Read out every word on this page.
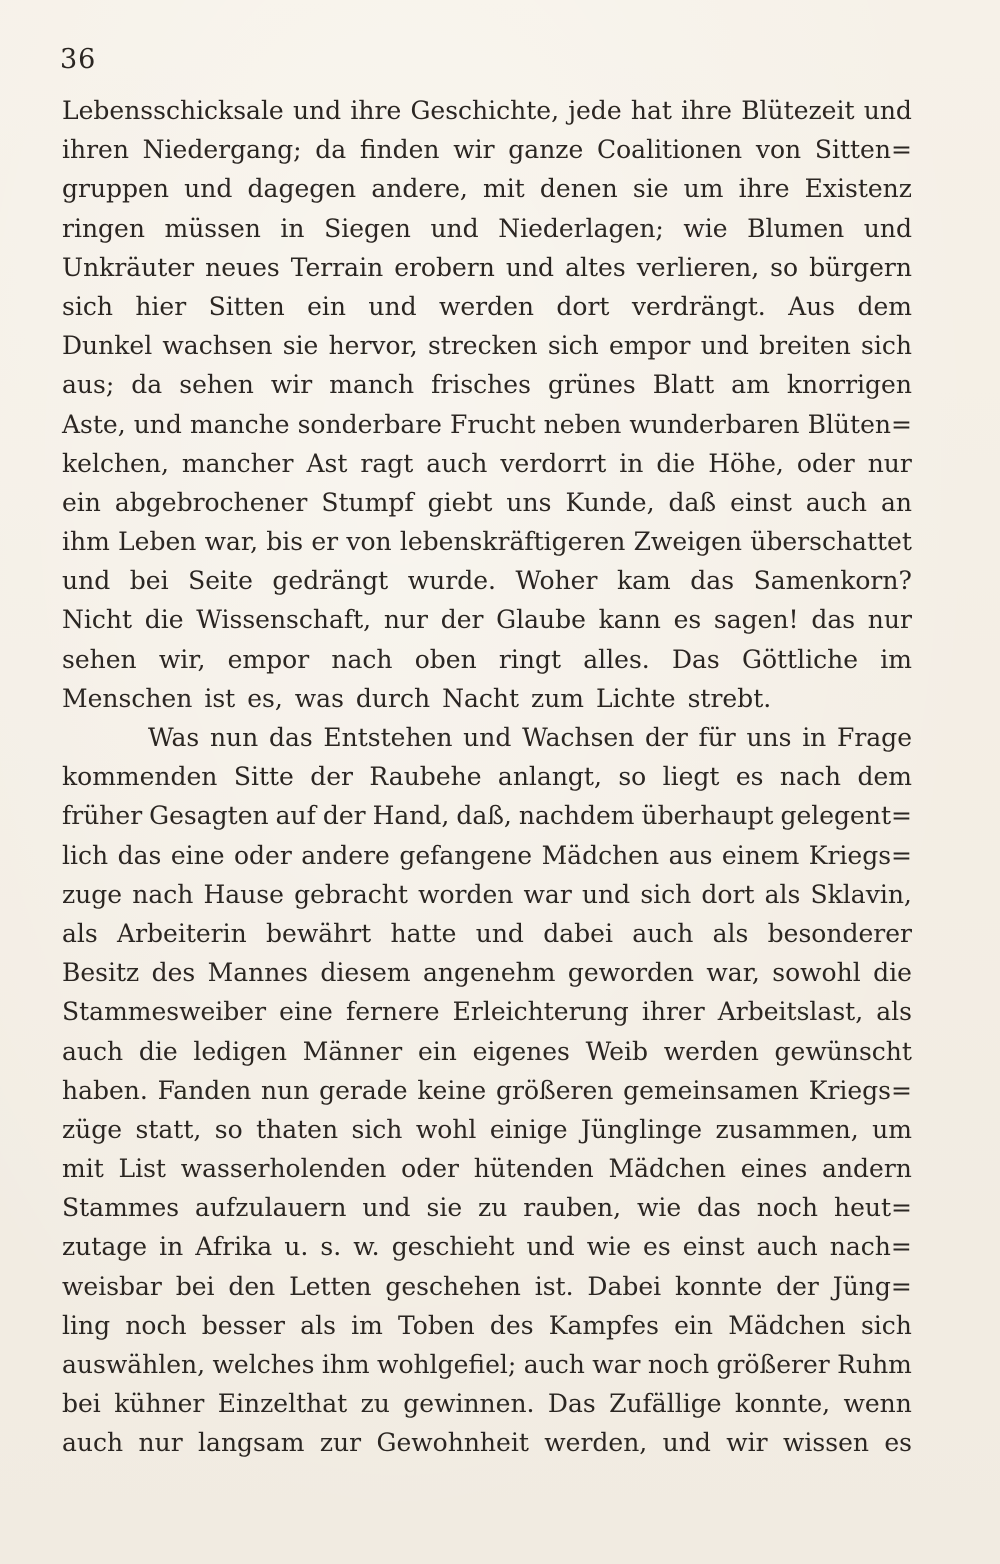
36
Lebensschicksale und ihre Geschichte, jede hat ihre Blütezeit und
ihren Niedergang; da finden wir ganze Coalitionen von Sitten=
gruppen und dagegen andere, mit denen sie um ihre Existenz
ringen müssen in Siegen und Niederlagen; wie Blumen und
Unkräuter neues Terrain erobern und altes verlieren, so bürgern
sich hier Sitten ein und werden dort verdrängt. Aus dem
Dunkel wachsen sie hervor, strecken sich empor und breiten sich
aus; da sehen wir manch frisches grünes Blatt am knorrigen
Aste, und manche sonderbare Frucht neben wunderbaren Blüten=
kelchen, mancher Ast ragt auch verdorrt in die Höhe, oder nur
ein abgebrochener Stumpf giebt uns Kunde, daß einst auch an
ihm Leben war, bis er von lebenskräftigeren Zweigen überschattet
und bei Seite gedrängt wurde. Woher kam das Samenkorn?
Nicht die Wissenschaft, nur der Glaube kann es sagen! das nur
sehen wir, empor nach oben ringt alles. Das Göttliche im
Menschen ist es, was durch Nacht zum Lichte strebt.
Was nun das Entstehen und Wachsen der für uns in Frage
kommenden Sitte der Raubehe anlangt, so liegt es nach dem
früher Gesagten auf der Hand, daß, nachdem überhaupt gelegent=
lich das eine oder andere gefangene Mädchen aus einem Kriegs=
zuge nach Hause gebracht worden war und sich dort als Sklavin,
als Arbeiterin bewährt hatte und dabei auch als besonderer
Besitz des Mannes diesem angenehm geworden war, sowohl die
Stammesweiber eine fernere Erleichterung ihrer Arbeitslast, als
auch die ledigen Männer ein eigenes Weib werden gewünscht
haben. Fanden nun gerade keine größeren gemeinsamen Kriegs=
züge statt, so thaten sich wohl einige Jünglinge zusammen, um
mit List wasserholenden oder hütenden Mädchen eines andern
Stammes aufzulauern und sie zu rauben, wie das noch heut=
zutage in Afrika u. s. w. geschieht und wie es einst auch nach=
weisbar bei den Letten geschehen ist. Dabei konnte der Jüng=
ling noch besser als im Toben des Kampfes ein Mädchen sich
auswählen, welches ihm wohlgefiel; auch war noch größerer Ruhm
bei kühner Einzelthat zu gewinnen. Das Zufällige konnte, wenn
auch nur langsam zur Gewohnheit werden, und wir wissen es
